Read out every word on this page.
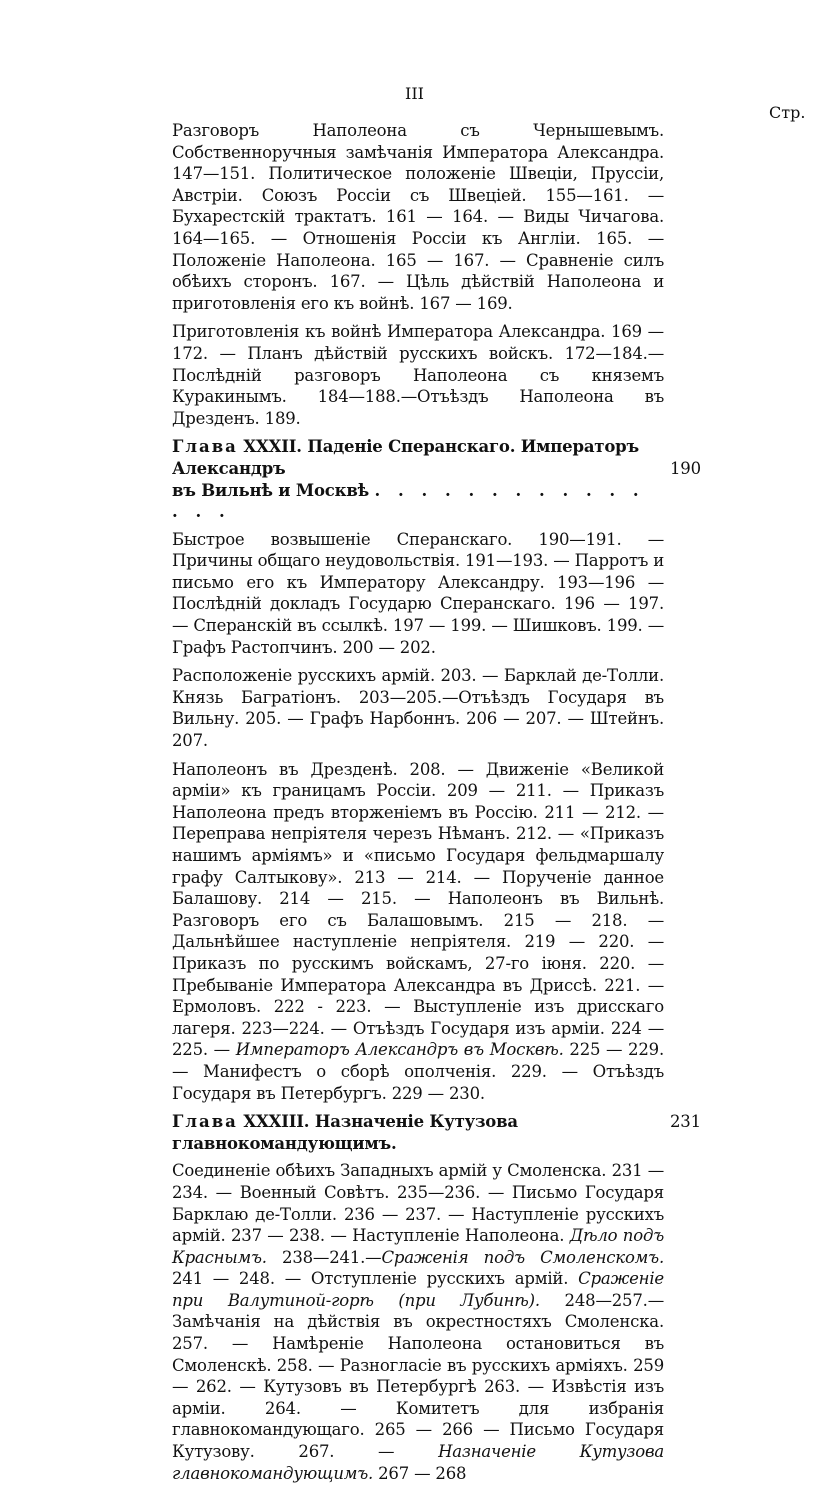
III
Стр.

Разговоръ Наполеона съ Чернышевымъ. Собственноручныя замѣчанія Императора Александра. 147—151. Политическое положеніе Швеціи, Пруссіи, Австріи. Союзъ Россіи съ Швеціей. 155—161. — Бухарестскій трактатъ. 161 — 164. — Виды Чичагова. 164—165. — Отношенія Россіи къ Англіи. 165. — Положеніе Наполеона. 165 — 167. — Сравненіе силъ обѣихъ сторонъ. 167. — Цѣль дѣйствій Наполеона и приготовленія его къ войнѣ. 167 — 169.

Приготовленія къ войнѣ Императора Александра. 169 — 172. — Планъ дѣйствій русскихъ войскъ. 172—184.—Послѣдній разговоръ Наполеона съ княземъ Куракинымъ. 184—188.—Отъѣздъ Наполеона въ Дрезденъ. 189.

Глава XXXII. Паденіе Сперанскаго. Императоръ Александръ
въ Вильнѣ и Москвѣ . . . . . . . . . . . . . . .
190

Быстрое возвышеніе Сперанскаго. 190—191. — Причины общаго неудовольствія. 191—193. — Парротъ и письмо его къ Императору Александру. 193—196 —Послѣдній докладъ Государю Сперанскаго. 196 — 197. — Сперанскій въ ссылкѣ. 197 — 199. — Шишковъ. 199. — Графъ Растопчинъ. 200 — 202.

Расположеніе русскихъ армій. 203. — Барклай де-Толли. Князь Багратіонъ. 203—205.—Отъѣздъ Государя въ Вильну. 205. — Графъ Нарбоннъ. 206 — 207. — Штейнъ. 207.

Наполеонъ въ Дрезденѣ. 208. — Движеніе «Великой арміи» къ границамъ Россіи. 209 — 211. — Приказъ Наполеона предъ вторженіемъ въ Россію. 211 — 212. — Переправа непріятеля черезъ Нѣманъ. 212. — «Приказъ нашимъ арміямъ» и «письмо Государя фельдмаршалу графу Салтыкову». 213 — 214. — Порученіе данное Балашову. 214 — 215. — Наполеонъ въ Вильнѣ. Разговоръ его съ Балашовымъ. 215 — 218. — Дальнѣйшее наступленіе непріятеля. 219 — 220. — Приказъ по русскимъ войскамъ, 27-го іюня. 220. — Пребываніе Императора Александра въ Дриссѣ. 221. — Ермоловъ. 222 - 223. — Выступленіе изъ дрисскаго лагеря. 223—224. — Отъѣздъ Государя изъ арміи. 224 — 225. — Императоръ Александръ въ Москвѣ. 225 — 229. — Манифестъ о сборѣ ополченія. 229. — Отъѣздъ Государя въ Петербургъ. 229 — 230.

Глава XXXIII. Назначеніе Кутузова главнокомандующимъ.
231

Соединеніе обѣихъ Западныхъ армій у Смоленска. 231 — 234. — Военный Совѣтъ. 235—236. — Письмо Государя Барклаю де-Толли. 236 — 237. — Наступленіе русскихъ армій. 237 — 238. — Наступленіе Наполеона. Дѣло подъ Краснымъ. 238—241.—Сраженія подъ Смоленскомъ. 241 — 248. — Отступленіе русскихъ армій. Сраженіе при Валутиной-горѣ (при Лубинѣ). 248—257.—Замѣчанія на дѣйствія въ окрестностяхъ Смоленска. 257. — Намѣреніе Наполеона остановиться въ Смоленскѣ. 258. — Разногласіе въ русскихъ арміяхъ. 259 — 262. — Кутузовъ въ Петербургѣ 263. — Извѣстія изъ арміи. 264. — Комитетъ для избранія главнокомандующаго. 265 — 266 — Письмо Государя Кутузову. 267. — Назначеніе Кутузова главнокомандующимъ. 267 — 268
